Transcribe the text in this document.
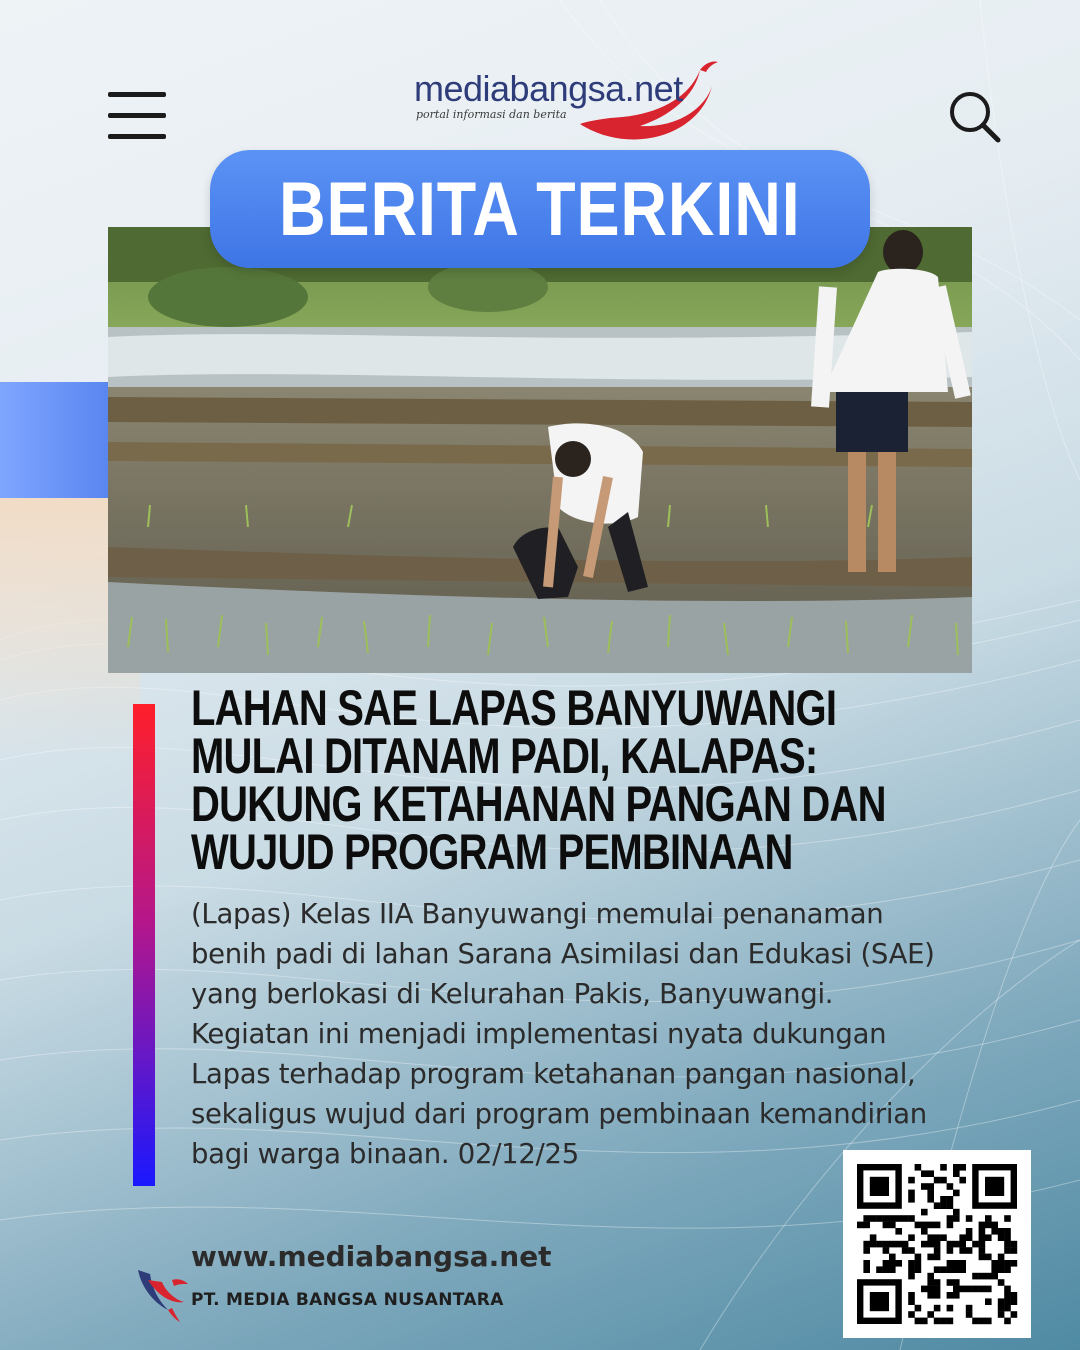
mediabangsa.net
portal informasi dan berita
BERITA TERKINI
LAHAN SAE LAPAS BANYUWANGI MULAI DITANAM PADI, KALAPAS: DUKUNG KETAHANAN PANGAN DAN WUJUD PROGRAM PEMBINAAN

(Lapas) Kelas IIA Banyuwangi memulai penanaman benih padi di lahan Sarana Asimilasi dan Edukasi (SAE) yang berlokasi di Kelurahan Pakis, Banyuwangi. Kegiatan ini menjadi implementasi nyata dukungan Lapas terhadap program ketahanan pangan nasional, sekaligus wujud dari program pembinaan kemandirian bagi warga binaan. 02/12/25

www.mediabangsa.net
PT. MEDIA BANGSA NUSANTARA
